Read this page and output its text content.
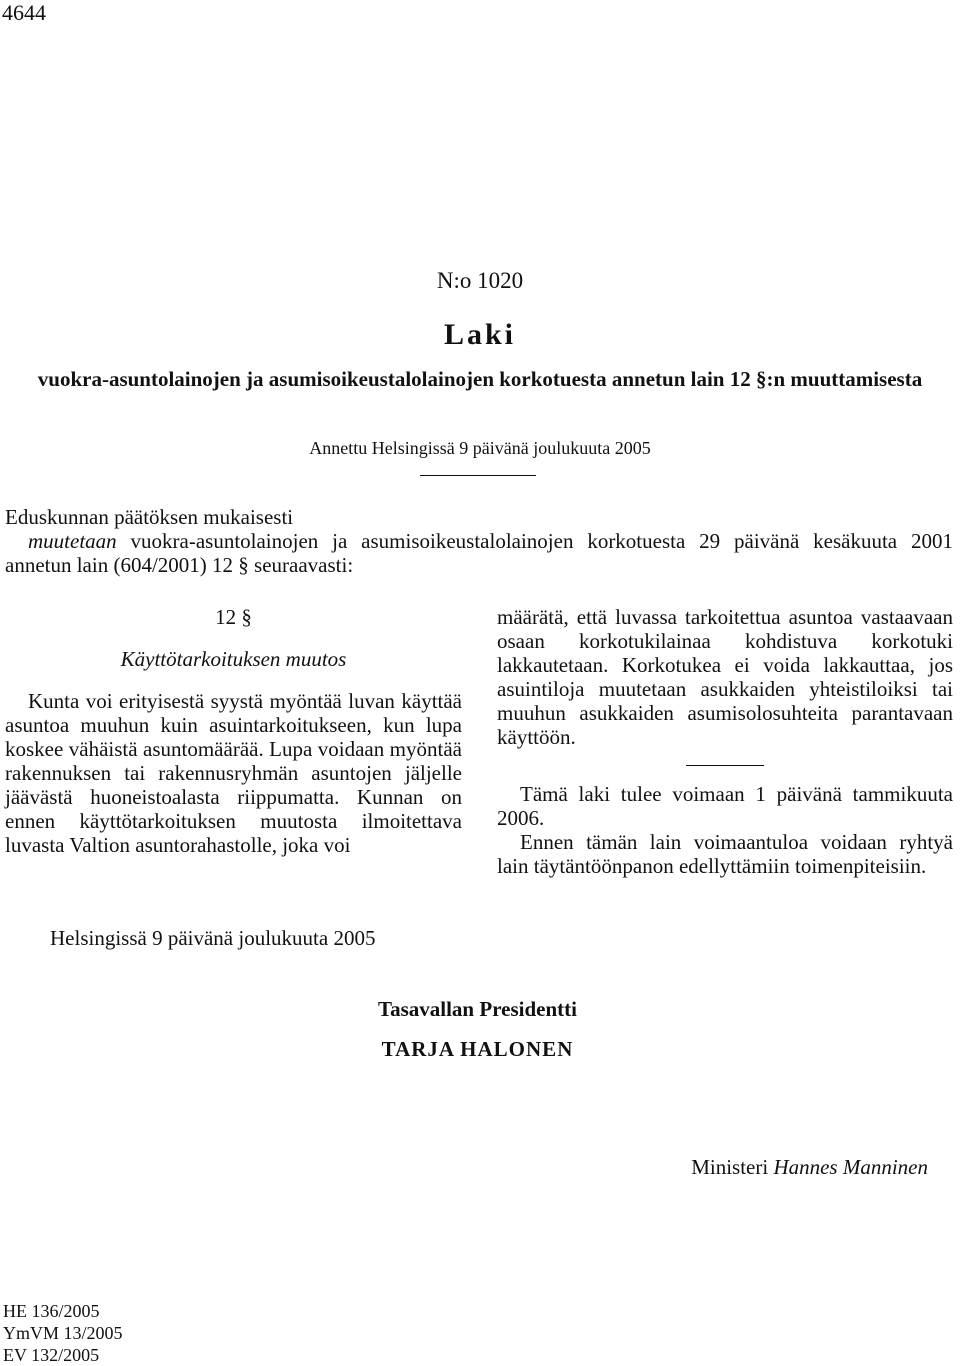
4644
N:o 1020
Laki
vuokra-asuntolainojen ja asumisoikeustalolainojen korkotuesta annetun lain 12 §:n muuttamisesta
Annettu Helsingissä 9 päivänä joulukuuta 2005

Eduskunnan päätöksen mukaisesti

muutetaan vuokra-asuntolainojen ja asumisoikeustalolainojen korkotuesta 29 päivänä kesäkuuta 2001 annetun lain (604/2001) 12 § seuraavasti:

12 §

Käyttötarkoituksen muutos

Kunta voi erityisestä syystä myöntää luvan käyttää asuntoa muuhun kuin asuintarkoitukseen, kun lupa koskee vähäistä asuntomäärää. Lupa voidaan myöntää rakennuksen tai rakennusryhmän asuntojen jäljelle jäävästä huoneistoalasta riippumatta. Kunnan on ennen käyttötarkoituksen muutosta ilmoitettava luvasta Valtion asuntorahastolle, joka voi

määrätä, että luvassa tarkoitettua asuntoa vastaavaan osaan korkotukilainaa kohdistuva korkotuki lakkautetaan. Korkotukea ei voida lakkauttaa, jos asuintiloja muutetaan asukkaiden yhteistiloiksi tai muuhun asukkaiden asumisolosuhteita parantavaan käyttöön.

Tämä laki tulee voimaan 1 päivänä tammikuuta 2006.

Ennen tämän lain voimaantuloa voidaan ryhtyä lain täytäntöönpanon edellyttämiin toimenpiteisiin.

Helsingissä 9 päivänä joulukuuta 2005
Tasavallan Presidentti
TARJA HALONEN
Ministeri Hannes Manninen
HE 136/2005
YmVM 13/2005
EV 132/2005
